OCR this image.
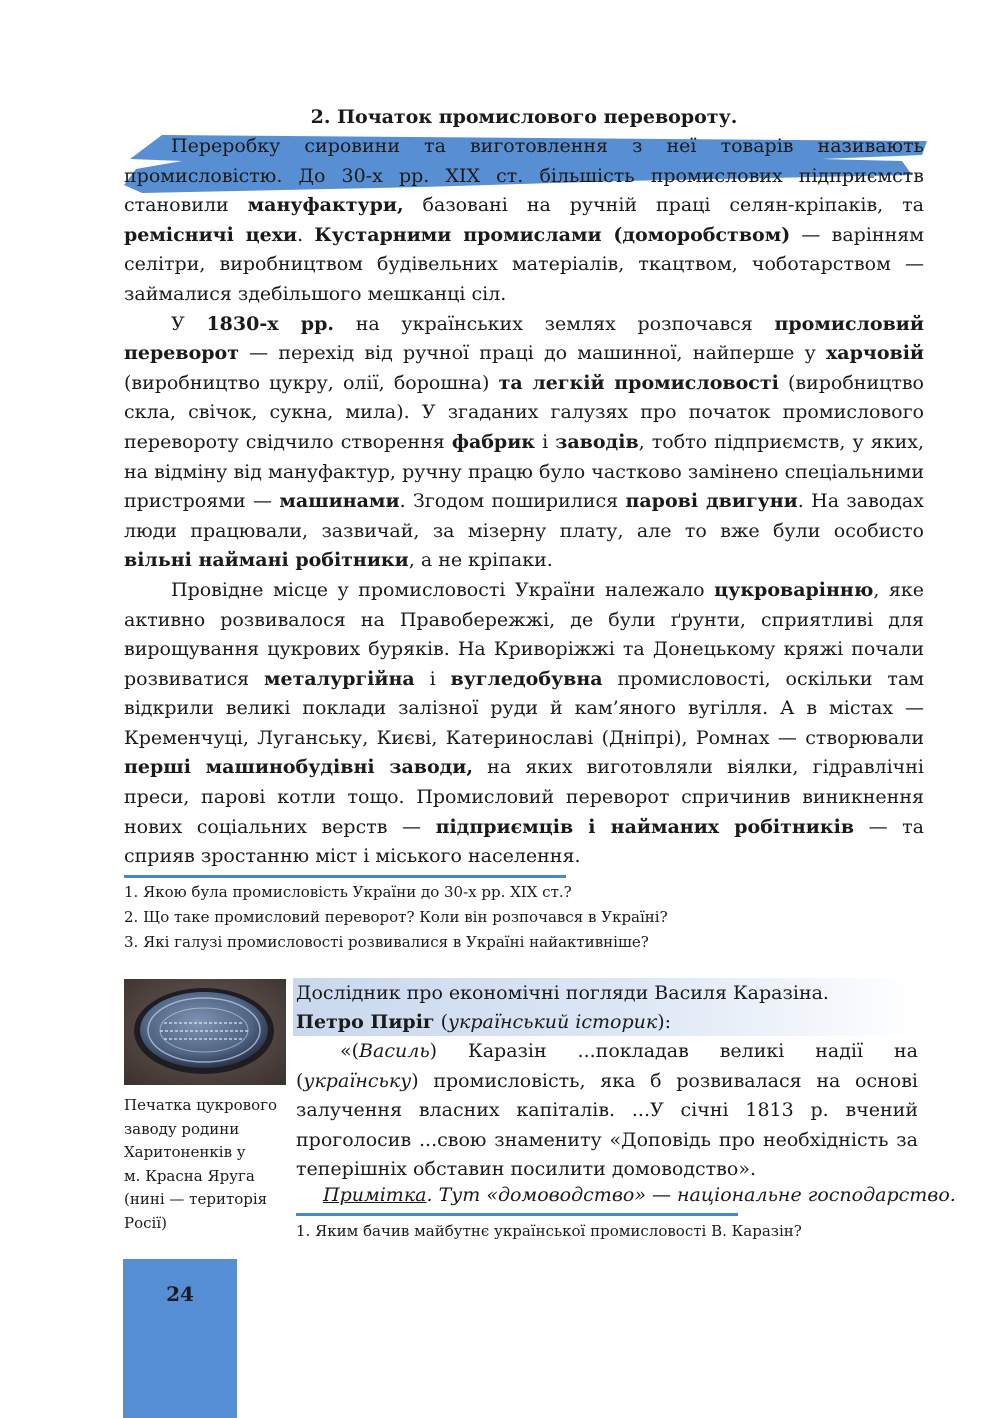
2. Початок промислового перевороту.

Переробку сировини та виготовлення з неї товарів називають промисловістю. До 30-х рр. XIX ст. більшість промислових підприємств становили мануфактури, базовані на ручній праці селян-кріпаків, та ремісничі цехи. Кустарними промислами (доморобством) — варінням селітри, виробництвом будівельних матеріалів, ткацтвом, чоботарством — займалися здебільшого мешканці сіл.

У 1830-х рр. на українських землях розпочався промисловий переворот — перехід від ручної праці до машинної, найперше у харчовій (виробництво цукру, олії, борошна) та легкій промисловості (виробництво скла, свічок, сукна, мила). У згаданих галузях про початок промислового перевороту свідчило створення фабрик і заводів, тобто підприємств, у яких, на відміну від мануфактур, ручну працю було частково замінено спеціальними пристроями — машинами. Згодом поширилися парові двигуни. На заводах люди працювали, зазвичай, за мізерну плату, але то вже були особисто вільні наймані робітники, а не кріпаки.

Провідне місце у промисловості України належало цукроварінню, яке активно розвивалося на Правобережжі, де були ґрунти, сприятливі для вирощування цукрових буряків. На Криворіжжі та Донецькому кряжі почали розвиватися металургійна і вугледобувна промисловості, оскільки там відкрили великі поклади залізної руди й кам’яного вугілля. А в містах — Кременчуці, Луганську, Києві, Катеринославі (Дніпрі), Ромнах — створювали перші машинобудівні заводи, на яких виготовляли віялки, гідравлічні преси, парові котли тощо. Промисловий переворот спричинив виникнення нових соціальних верств — підприємців і найманих робітників — та сприяв зростанню міст і міського населення.

1. Якою була промисловість України до 30-х рр. XIX ст.?
2. Що таке промисловий переворот? Коли він розпочався в Україні?
3. Які галузі промисловості розвивалися в Україні найактивніше?
Печатка цукрового
заводу родини
Харитоненків у
м. Красна Яруга
(нині — територія
Росії)
Дослідник про економічні погляди Василя Каразіна.
Петро Пиріг (український історик):

«(Василь) Каразін ...покладав великі надії на (українську) промисловість, яка б розвивалася на основі залучення власних капіталів. ...У січні 1813 р. вчений проголосив ...свою знамениту «Доповідь про необхідність за теперішніх обставин посилити домоводство».

Примітка. Тут «домоводство» — національне господарство.
1. Яким бачив майбутнє української промисловості В. Каразін?
24
